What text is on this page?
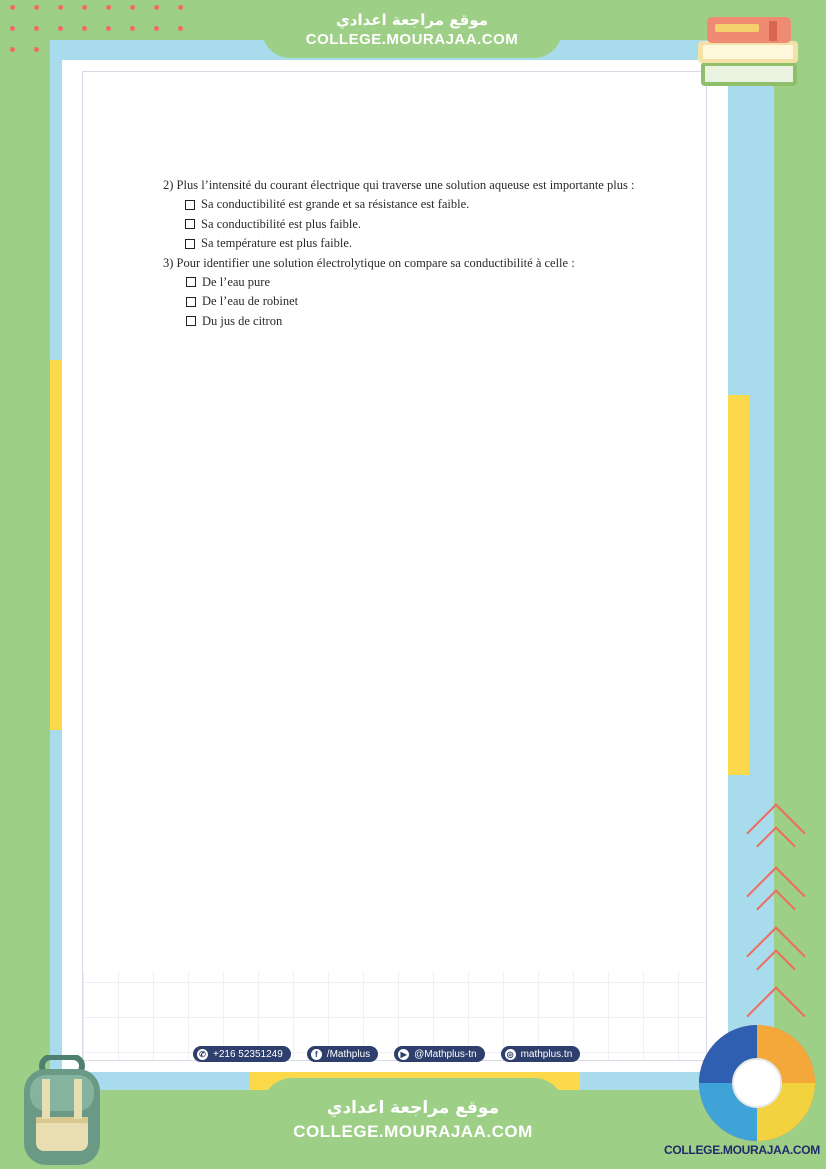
موقع مراجعة اعدادي
COLLEGE.MOURAJAA.COM
2) Plus l’intensité du courant électrique qui traverse une solution aqueuse est importante plus :
Sa conductibilité est grande et sa résistance est faible.
Sa conductibilité est plus faible.
Sa température est plus faible.
3) Pour identifier une solution électrolytique on compare sa conductibilité à celle :
De l’eau pure
De l’eau de robinet
Du jus de citron
✆ +216 52351249	f /Mathplus	▶ @Mathplus-tn	◎ mathplus.tn
موقع مراجعة اعدادي
COLLEGE.MOURAJAA.COM
COLLEGE.MOURAJAA.COM
